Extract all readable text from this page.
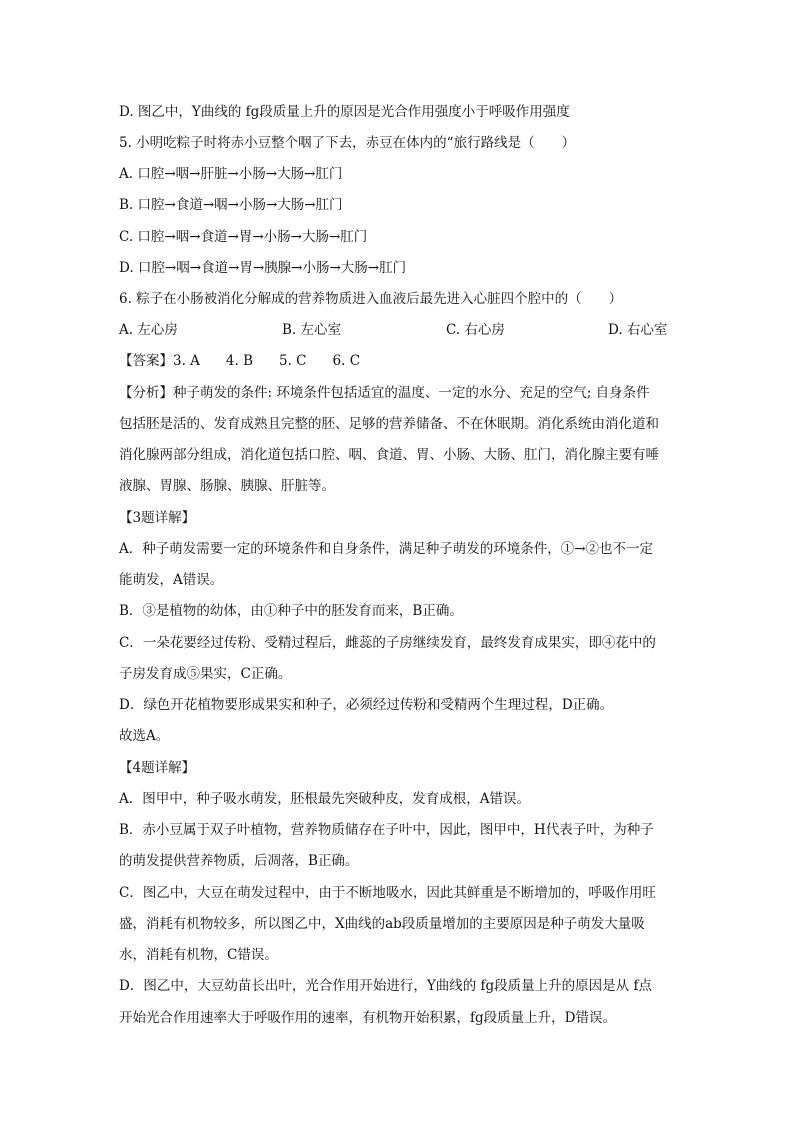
D. 图乙中，Y曲线的 fg段质量上升的原因是光合作用强度小于呼吸作用强度
5. 小明吃粽子时将赤小豆整个咽了下去，赤豆在体内的“旅行路线是（　　）
A. 口腔→咽→肝脏→小肠→大肠→肛门
B. 口腔→食道→咽→小肠→大肠→肛门
C. 口腔→咽→食道→胃→小肠→大肠→肛门
D. 口腔→咽→食道→胃→胰腺→小肠→大肠→肛门
6. 粽子在小肠被消化分解成的营养物质进入血液后最先进入心脏四个腔中的（　　）
A. 左心房	B. 左心室	C. 右心房	D. 右心室
【答案】3. A 4. B 5. C 6. C
【分析】种子萌发的条件: 环境条件包括适宜的温度、一定的水分、充足的空气; 自身条件
包括胚是活的、发育成熟且完整的胚、足够的营养储备、不在休眠期。消化系统由消化道和
消化腺两部分组成，消化道包括口腔、咽、食道、胃、小肠、大肠、肛门，消化腺主要有唾
液腺、胃腺、肠腺、胰腺、肝脏等。
【3题详解】
A．种子萌发需要一定的环境条件和自身条件，满足种子萌发的环境条件，①→②也不一定
能萌发，A错误。
B．③是植物的幼体，由①种子中的胚发育而来，B正确。
C．一朵花要经过传粉、受精过程后，雌蕊的子房继续发育，最终发育成果实，即④花中的
子房发育成⑤果实，C正确。
D．绿色开花植物要形成果实和种子，必须经过传粉和受精两个生理过程，D正确。
故选A。
【4题详解】
A．图甲中，种子吸水萌发，胚根最先突破种皮，发育成根，A错误。
B．赤小豆属于双子叶植物，营养物质储存在子叶中，因此，图甲中，H代表子叶，为种子
的萌发提供营养物质，后凋落，B正确。
C．图乙中，大豆在萌发过程中，由于不断地吸水，因此其鲜重是不断增加的，呼吸作用旺
盛，消耗有机物较多，所以图乙中，X曲线的ab段质量增加的主要原因是种子萌发大量吸
水，消耗有机物，C错误。
D．图乙中，大豆幼苗长出叶，光合作用开始进行，Y曲线的 fg段质量上升的原因是从 f点
开始光合作用速率大于呼吸作用的速率，有机物开始积累，fg段质量上升，D错误。
